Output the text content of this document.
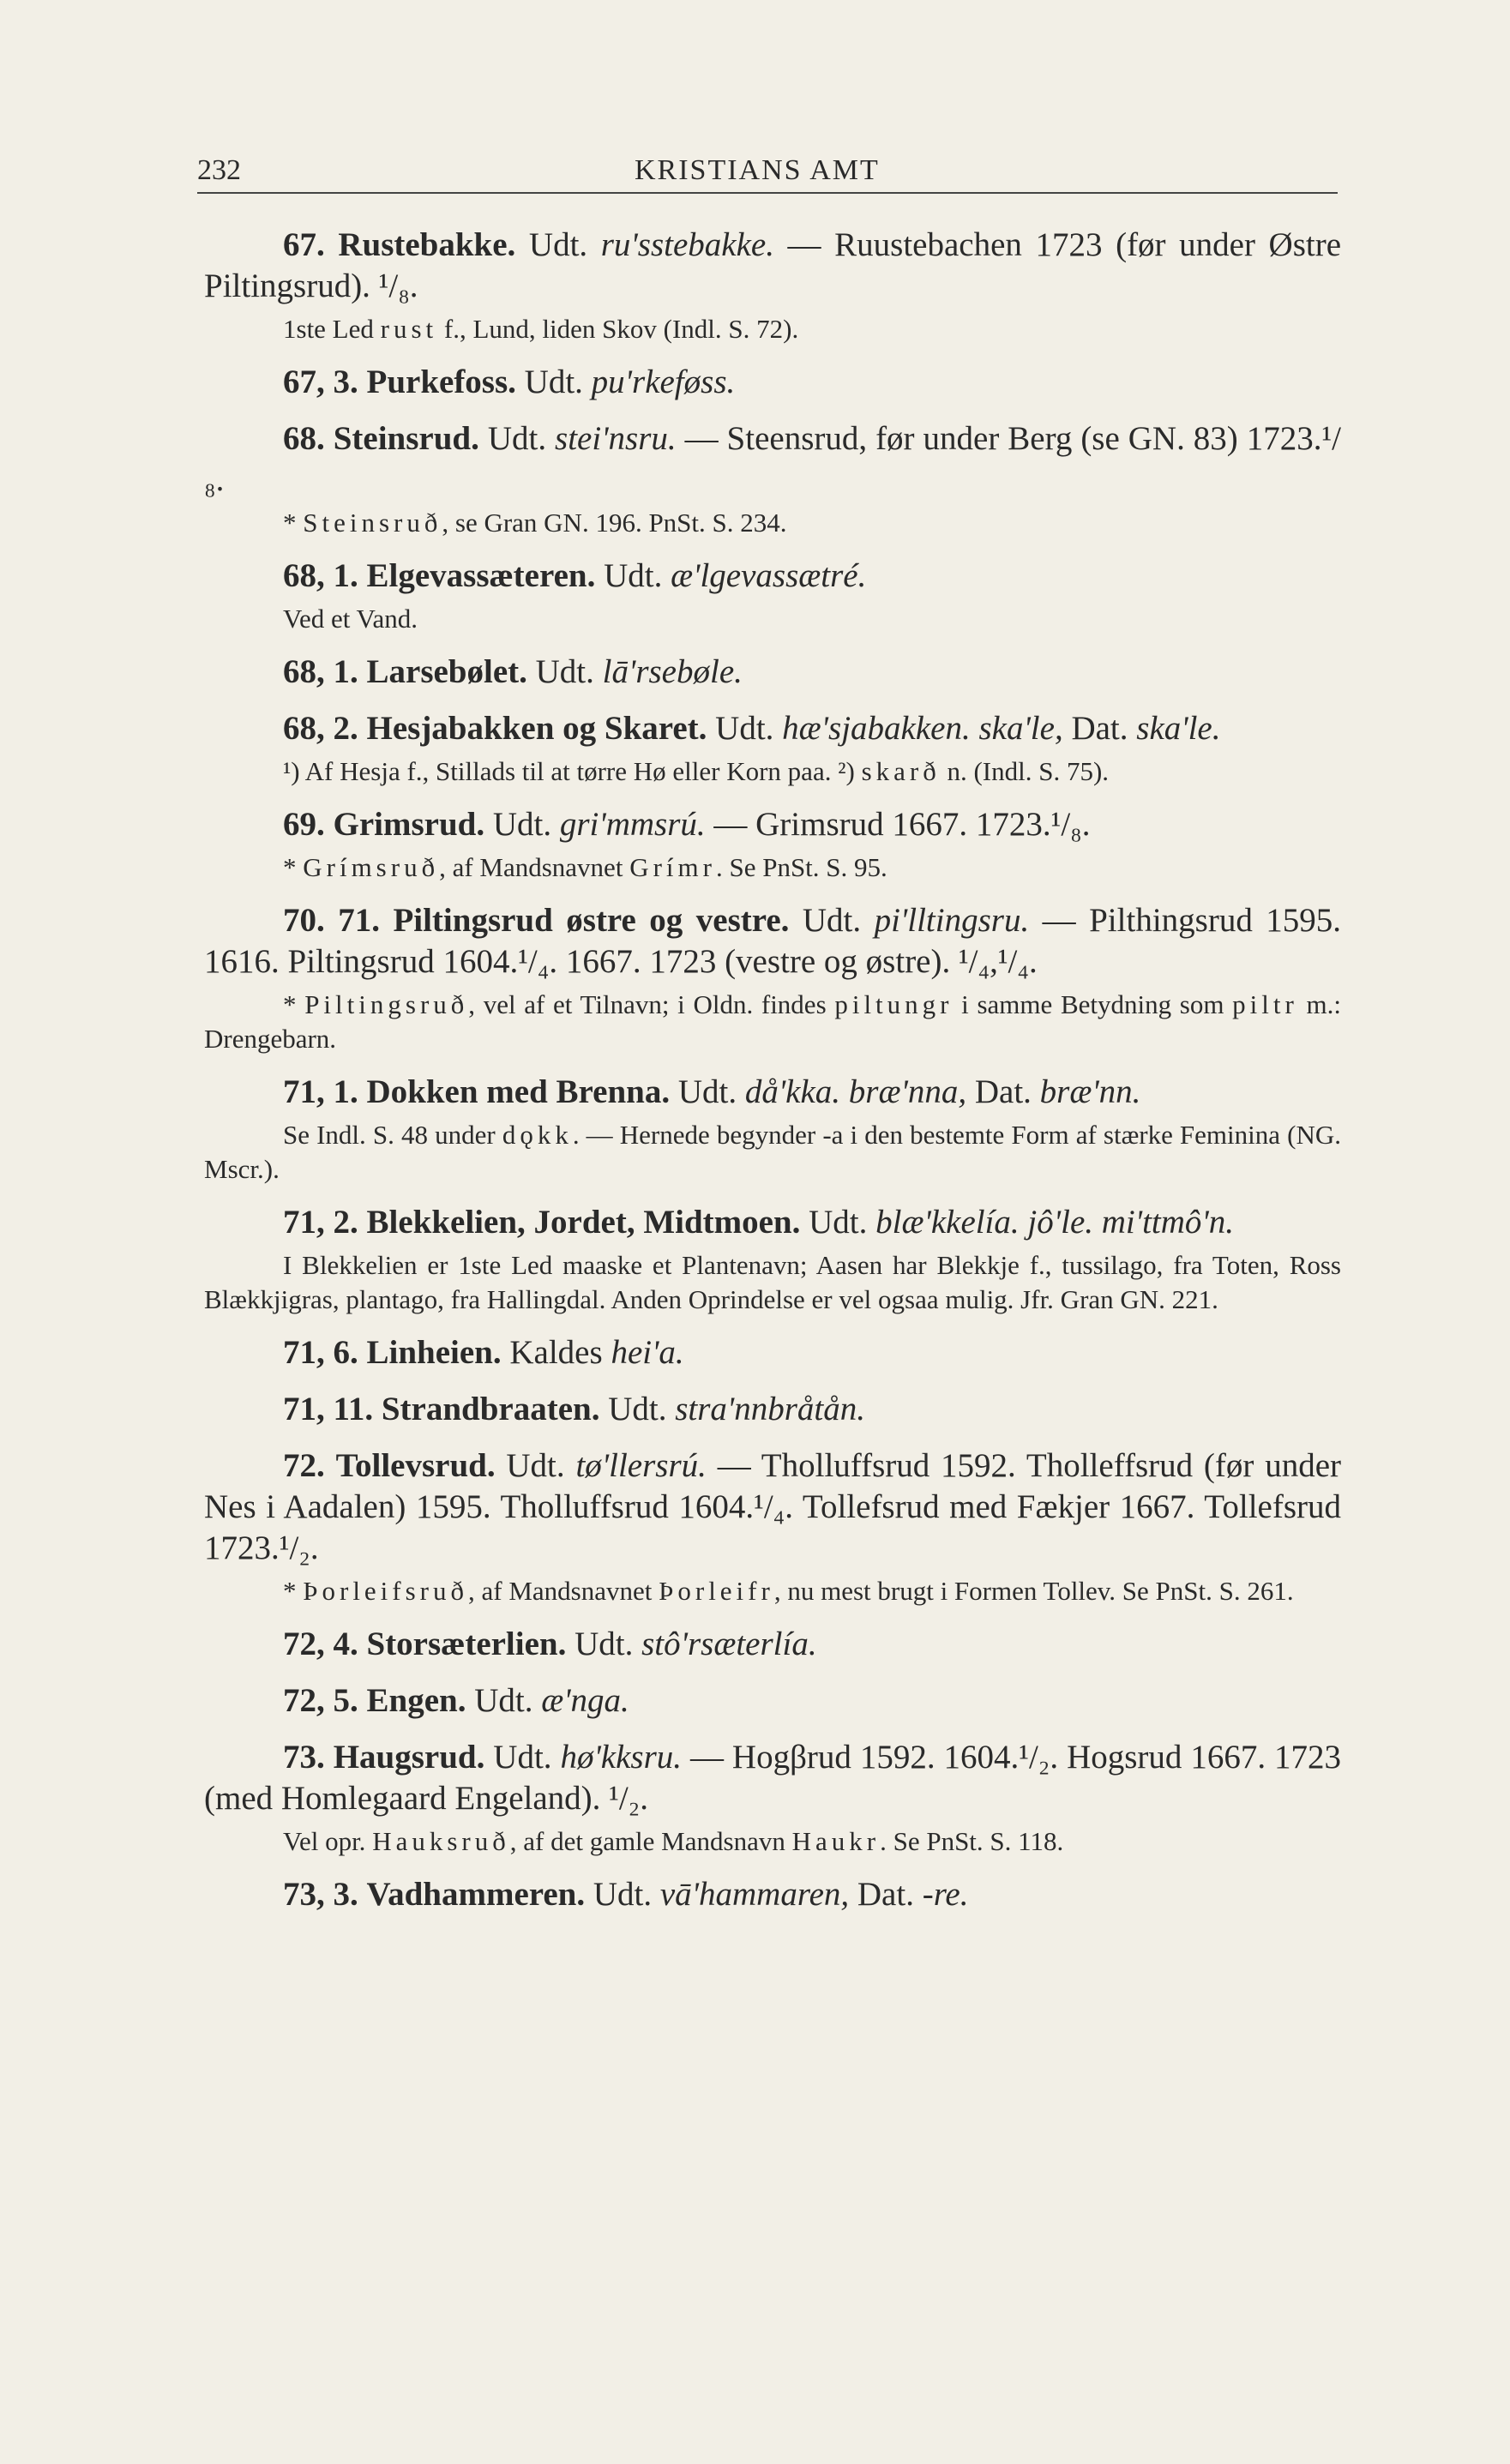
232	KRISTIANS AMT

67. Rustebakke. Udt. ru'sstebakke. — Ruustebachen 1723 (før under Østre Piltingsrud). ¹/₈.

1ste Led rust f., Lund, liden Skov (Indl. S. 72).

67, 3. Purkefoss. Udt. pu'rkeføss.

68. Steinsrud. Udt. stei'nsru. — Steensrud, før under Berg (se GN. 83) 1723.¹/₈.

* Steinsruð, se Gran GN. 196. PnSt. S. 234.

68, 1. Elgevassæteren. Udt. æ'lgevassætré.

Ved et Vand.

68, 1. Larsebølet. Udt. lā'rsebøle.

68, 2. Hesjabakken og Skaret. Udt. hæ'sjabakken. ska'le, Dat. ska'le.

¹) Af Hesja f., Stillads til at tørre Hø eller Korn paa. ²) skarð n. (Indl. S. 75).

69. Grimsrud. Udt. gri'mmsrú. — Grimsrud 1667. 1723.¹/₈.

* Grímsruð, af Mandsnavnet Grímr. Se PnSt. S. 95.

70. 71. Piltingsrud østre og vestre. Udt. pi'lltingsru. — Pilthingsrud 1595. 1616. Piltingsrud 1604.¹/₄. 1667. 1723 (vestre og østre). ¹/₄,¹/₄.

* Piltingsruð, vel af et Tilnavn; i Oldn. findes piltungr i samme Betydning som piltr m.: Drengebarn.

71, 1. Dokken med Brenna. Udt. då'kka. bræ'nna, Dat. bræ'nn.

Se Indl. S. 48 under dǫkk. — Hernede begynder -a i den bestemte Form af stærke Feminina (NG. Mscr.).

71, 2. Blekkelien, Jordet, Midtmoen. Udt. blæ'kkelía. jô'le. mi'ttmô'n.

I Blekkelien er 1ste Led maaske et Plantenavn; Aasen har Blekkje f., tussilago, fra Toten, Ross Blækkjigras, plantago, fra Hallingdal. Anden Oprindelse er vel ogsaa mulig. Jfr. Gran GN. 221.

71, 6. Linheien. Kaldes hei'a.

71, 11. Strandbraaten. Udt. stra'nnbråtån.

72. Tollevsrud. Udt. tø'llersrú. — Tholluffsrud 1592. Tholleffsrud (før under Nes i Aadalen) 1595. Tholluffsrud 1604.¹/₄. Tollefsrud med Fækjer 1667. Tollefsrud 1723.¹/₂.

* Þorleifsruð, af Mandsnavnet Þorleifr, nu mest brugt i Formen Tollev. Se PnSt. S. 261.

72, 4. Storsæterlien. Udt. stô'rsæterlía.

72, 5. Engen. Udt. æ'nga.

73. Haugsrud. Udt. hø'kksru. — Hogβrud 1592. 1604.¹/₂. Hogsrud 1667. 1723 (med Homlegaard Engeland). ¹/₂.

Vel opr. Hauksruð, af det gamle Mandsnavn Haukr. Se PnSt. S. 118.

73, 3. Vadhammeren. Udt. vā'hammaren, Dat. -re.
